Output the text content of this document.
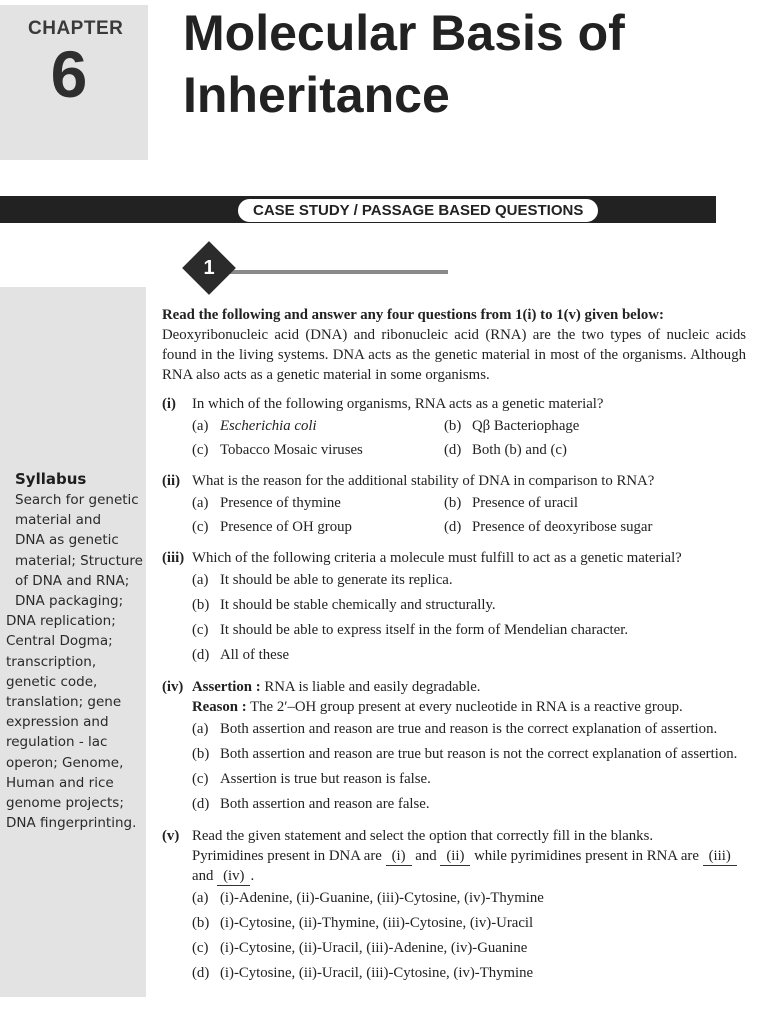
CHAPTER
6
Molecular Basis of Inheritance
CASE STUDY / PASSAGE BASED QUESTIONS
1
Syllabus
Search for genetic
material and
DNA as genetic
material; Structure
of DNA and RNA;
DNA packaging;
DNA replication;
Central Dogma;
transcription,
genetic code,
translation; gene
expression and
regulation - lac
operon; Genome,
Human and rice
genome projects;
DNA fingerprinting.
Read the following and answer any four questions from 1(i) to 1(v) given below:

Deoxyribonucleic acid (DNA) and ribonucleic acid (RNA) are the two types of nucleic acids found in the living systems. DNA acts as the genetic material in most of the organisms. Although RNA also acts as a genetic material in some organisms.

(i)	In which of the following organisms, RNA acts as a genetic material?
(a) Escherichia coli	(b) Qβ Bacteriophage
(c) Tobacco Mosaic viruses	(d) Both (b) and (c)
(ii) What is the reason for the additional stability of DNA in comparison to RNA?
(a) Presence of thymine	(b) Presence of uracil
(c) Presence of OH group	(d) Presence of deoxyribose sugar
(iii) Which of the following criteria a molecule must fulfill to act as a genetic material?
(a) It should be able to generate its replica.
(b) It should be stable chemically and structurally.
(c) It should be able to express itself in the form of Mendelian character.
(d) All of these
(iv) Assertion : RNA is liable and easily degradable.
Reason : The 2′–OH group present at every nucleotide in RNA is a reactive group.
(a) Both assertion and reason are true and reason is the correct explanation of assertion.
(b) Both assertion and reason are true but reason is not the correct explanation of assertion.
(c) Assertion is true but reason is false.
(d) Both assertion and reason are false.
(v) Read the given statement and select the option that correctly fill in the blanks.
Pyrimidines present in DNA are (i) and (ii) while pyrimidines present in RNA are (iii) and (iv) .
(a) (i)-Adenine, (ii)-Guanine, (iii)-Cytosine, (iv)-Thymine
(b) (i)-Cytosine, (ii)-Thymine, (iii)-Cytosine, (iv)-Uracil
(c) (i)-Cytosine, (ii)-Uracil, (iii)-Adenine, (iv)-Guanine
(d) (i)-Cytosine, (ii)-Uracil, (iii)-Cytosine, (iv)-Thymine
